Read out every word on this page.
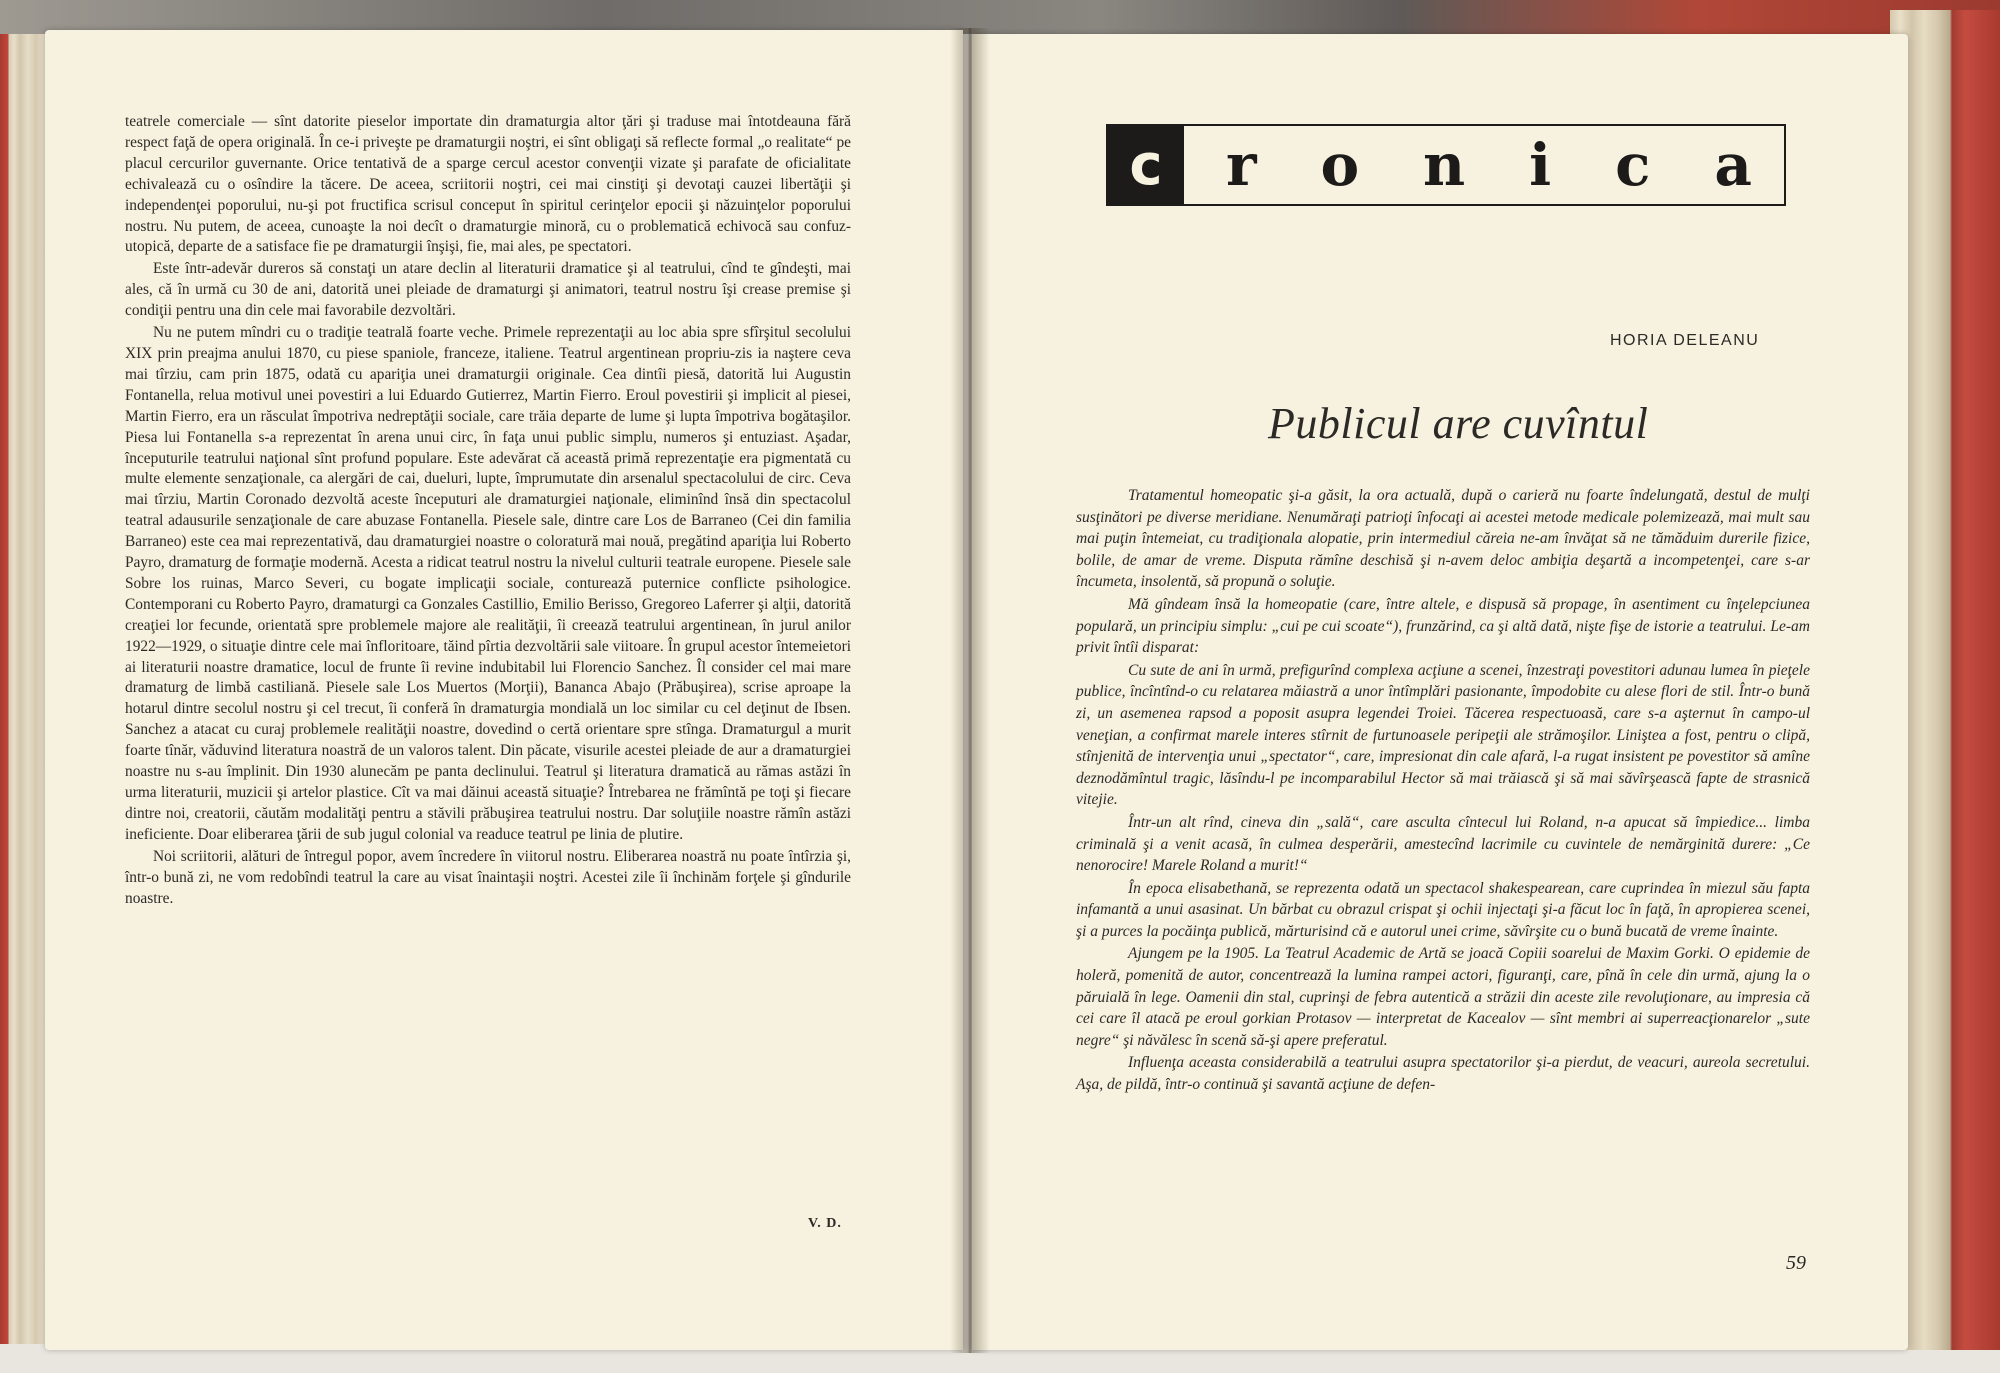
teatrele comerciale — sînt datorite pieselor importate din dramaturgia altor ţări şi traduse mai întotdeauna fără respect faţă de opera originală. În ce-i priveşte pe dramaturgii noştri, ei sînt obligaţi să reflecte formal „o realitate“ pe placul cercurilor guvernante. Orice tentativă de a sparge cercul acestor convenţii vizate şi parafate de oficialitate echivalează cu o osîndire la tăcere. De aceea, scriitorii noştri, cei mai cinstiţi şi devotaţi cauzei libertăţii şi independenţei poporului, nu-şi pot fructifica scrisul conceput în spiritul cerinţelor epocii şi năzuinţelor poporului nostru. Nu putem, de aceea, cunoaşte la noi decît o dramaturgie minoră, cu o problematică echivocă sau confuz-utopică, departe de a satisface fie pe dramaturgii înşişi, fie, mai ales, pe spectatori.

Este într-adevăr dureros să constaţi un atare declin al literaturii dramatice şi al teatrului, cînd te gîndeşti, mai ales, că în urmă cu 30 de ani, datorită unei pleiade de dramaturgi şi animatori, teatrul nostru îşi crease premise şi condiţii pentru una din cele mai favorabile dezvoltări.

Nu ne putem mîndri cu o tradiţie teatrală foarte veche. Primele reprezentaţii au loc abia spre sfîrşitul secolului XIX prin preajma anului 1870, cu piese spaniole, franceze, italiene. Teatrul argentinean propriu-zis ia naştere ceva mai tîrziu, cam prin 1875, odată cu apariţia unei dramaturgii originale. Cea dintîi piesă, datorită lui Augustin Fontanella, relua motivul unei povestiri a lui Eduardo Gutierrez, Martin Fierro. Eroul povestirii şi implicit al piesei, Martin Fierro, era un răsculat împotriva nedreptăţii sociale, care trăia departe de lume şi lupta împotriva bogătaşilor. Piesa lui Fontanella s-a reprezentat în arena unui circ, în faţa unui public simplu, numeros şi entuziast. Aşadar, începuturile teatrului naţional sînt profund populare. Este adevărat că această primă reprezentaţie era pigmentată cu multe elemente senzaţionale, ca alergări de cai, dueluri, lupte, împrumutate din arsenalul spectacolului de circ. Ceva mai tîrziu, Martin Coronado dezvoltă aceste începuturi ale dramaturgiei naţionale, eliminînd însă din spectacolul teatral adausurile senzaţionale de care abuzase Fontanella. Piesele sale, dintre care Los de Barraneo (Cei din familia Barraneo) este cea mai reprezentativă, dau dramaturgiei noastre o coloratură mai nouă, pregătind apariţia lui Roberto Payro, dramaturg de formaţie modernă. Acesta a ridicat teatrul nostru la nivelul culturii teatrale europene. Piesele sale Sobre los ruinas, Marco Severi, cu bogate implicaţii sociale, conturează puternice conflicte psihologice. Contemporani cu Roberto Payro, dramaturgi ca Gonzales Castillio, Emilio Berisso, Gregoreo Laferrer şi alţii, datorită creaţiei lor fecunde, orientată spre problemele majore ale realităţii, îi creează teatrului argentinean, în jurul anilor 1922—1929, o situaţie dintre cele mai înfloritoare, tăind pîrtia dezvoltării sale viitoare. În grupul acestor întemeietori ai literaturii noastre dramatice, locul de frunte îi revine indubitabil lui Florencio Sanchez. Îl consider cel mai mare dramaturg de limbă castiliană. Piesele sale Los Muertos (Morţii), Bananca Abajo (Prăbuşirea), scrise aproape la hotarul dintre secolul nostru şi cel trecut, îi conferă în dramaturgia mondială un loc similar cu cel deţinut de Ibsen. Sanchez a atacat cu curaj problemele realităţii noastre, dovedind o certă orientare spre stînga. Dramaturgul a murit foarte tînăr, văduvind literatura noastră de un valoros talent. Din păcate, visurile acestei pleiade de aur a dramaturgiei noastre nu s-au împlinit. Din 1930 alunecăm pe panta declinului. Teatrul şi literatura dramatică au rămas astăzi în urma literaturii, muzicii şi artelor plastice. Cît va mai dăinui această situaţie? Întrebarea ne frămîntă pe toţi şi fiecare dintre noi, creatorii, căutăm modalităţi pentru a stăvili prăbuşirea teatrului nostru. Dar soluţiile noastre rămîn astăzi ineficiente. Doar eliberarea ţării de sub jugul colonial va readuce teatrul pe linia de plutire.

Noi scriitorii, alături de întregul popor, avem încredere în viitorul nostru. Eliberarea noastră nu poate întîrzia şi, într-o bună zi, ne vom redobîndi teatrul la care au visat înaintaşii noştri. Acestei zile îi închinăm forţele şi gîndurile noastre.

V. D.
c	r o n i c a
HORIA DELEANU
Publicul are cuvîntul

Tratamentul homeopatic şi-a găsit, la ora actuală, după o carieră nu foarte îndelungată, destul de mulţi susţinători pe diverse meridiane. Nenumăraţi patrioţi înfocaţi ai acestei metode medicale polemizează, mai mult sau mai puţin întemeiat, cu tradiţionala alopatie, prin intermediul căreia ne-am învăţat să ne tămăduim durerile fizice, bolile, de amar de vreme. Disputa rămîne deschisă şi n-avem deloc ambiţia deşartă a incompetenţei, care s-ar încumeta, insolentă, să propună o soluţie.

Mă gîndeam însă la homeopatie (care, între altele, e dispusă să propage, în asentiment cu înţelepciunea populară, un principiu simplu: „cui pe cui scoate“), frunzărind, ca şi altă dată, nişte fişe de istorie a teatrului. Le-am privit întîi disparat:

Cu sute de ani în urmă, prefigurînd complexa acţiune a scenei, înzestraţi povestitori adunau lumea în pieţele publice, încîntînd-o cu relatarea măiastră a unor întîmplări pasionante, împodobite cu alese flori de stil. Într-o bună zi, un asemenea rapsod a poposit asupra legendei Troiei. Tăcerea respectuoasă, care s-a aşternut în campo-ul veneţian, a confirmat marele interes stîrnit de furtunoasele peripeţii ale strămoşilor. Liniştea a fost, pentru o clipă, stînjenită de intervenţia unui „spectator“, care, impresionat din cale afară, l-a rugat insistent pe povestitor să amîne deznodămîntul tragic, lăsîndu-l pe incomparabilul Hector să mai trăiască şi să mai săvîrşească fapte de strasnică vitejie.

Într-un alt rînd, cineva din „sală“, care asculta cîntecul lui Roland, n-a apucat să împiedice... limba criminală şi a venit acasă, în culmea desperării, amestecînd lacrimile cu cuvintele de nemărginită durere: „Ce nenorocire! Marele Roland a murit!“

În epoca elisabethană, se reprezenta odată un spectacol shakespearean, care cuprindea în miezul său fapta infamantă a unui asasinat. Un bărbat cu obrazul crispat şi ochii injectaţi şi-a făcut loc în faţă, în apropierea scenei, şi a purces la pocăinţa publică, mărturisind că e autorul unei crime, săvîrşite cu o bună bucată de vreme înainte.

Ajungem pe la 1905. La Teatrul Academic de Artă se joacă Copiii soarelui de Maxim Gorki. O epidemie de holeră, pomenită de autor, concentrează la lumina rampei actori, figuranţi, care, pînă în cele din urmă, ajung la o păruială în lege. Oamenii din stal, cuprinşi de febra autentică a străzii din aceste zile revoluţionare, au impresia că cei care îl atacă pe eroul gorkian Protasov — interpretat de Kacealov — sînt membri ai superreacţionarelor „sute negre“ şi năvălesc în scenă să-şi apere preferatul.

Influenţa aceasta considerabilă a teatrului asupra spectatorilor şi-a pierdut, de veacuri, aureola secretului. Aşa, de pildă, într-o continuă şi savantă acţiune de defen-

59
